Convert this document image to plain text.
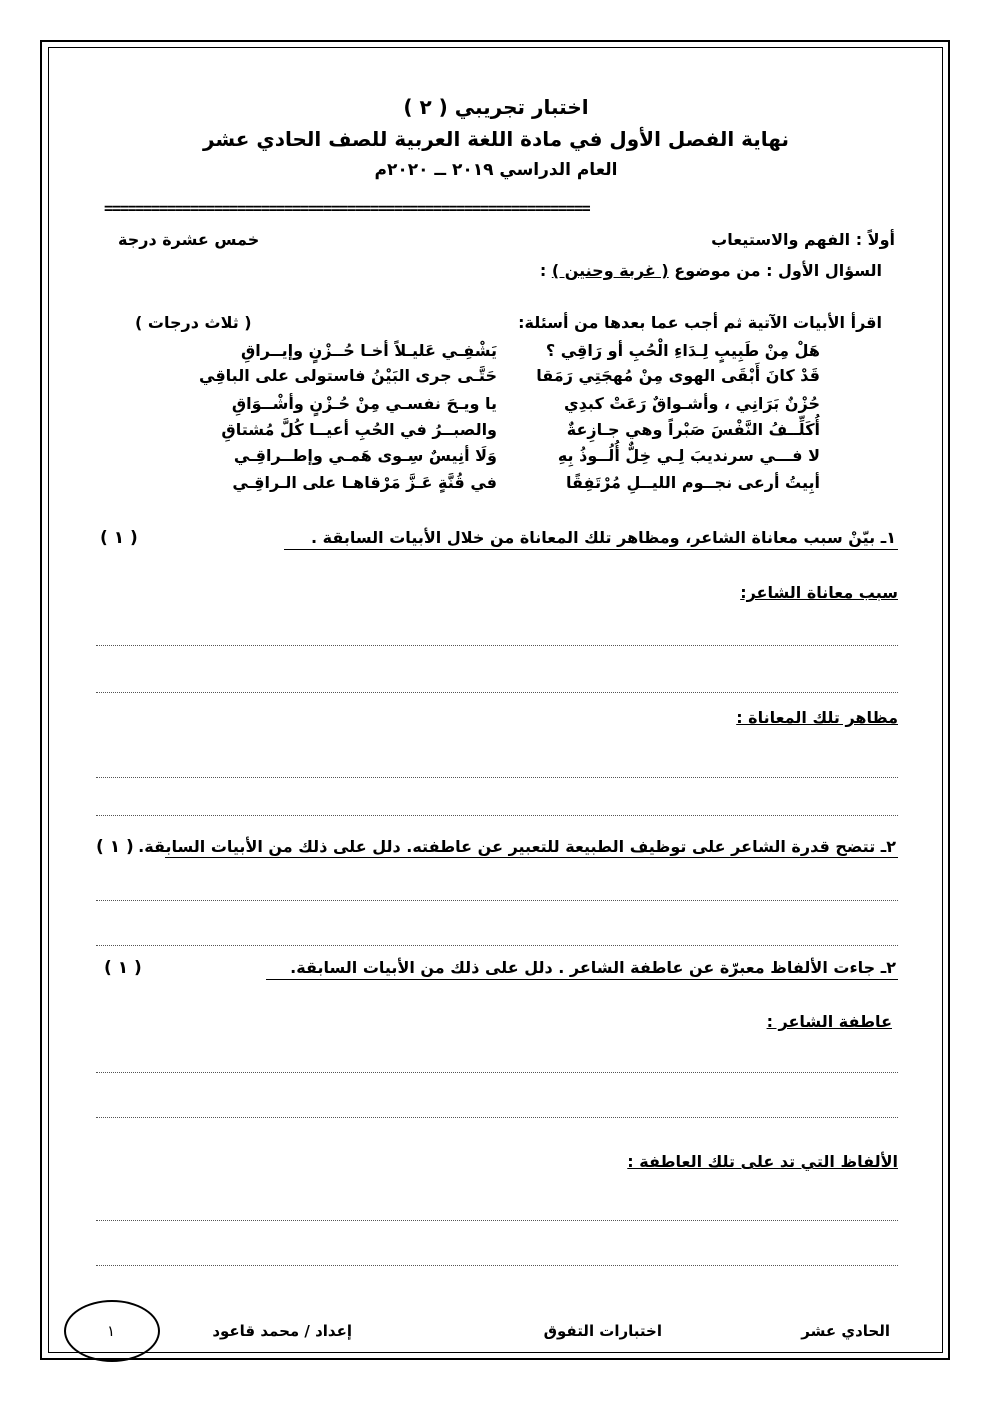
اختبار تجريبي ( ٢ )
نهاية الفصل الأول في مادة اللغة العربية للصف الحادي عشر
العام الدراسي ٢٠١٩ ــ ٢٠٢٠م
==============================================================
أولاً : الفهم والاستيعاب
خمس عشرة درجة
السؤال الأول : من موضوع ( غربة وحنين ) :
اقرأ الأبيات الآتية ثم أجب عما بعدها من أسئلة:
( ثلاث درجات )
هَلْ مِنْ طَبِيبٍ لِـدَاءِ الْحُبِ أو رَاقِي ؟
قَدْ كانَ أَبْقَى الهوى مِنْ مُهجَتِي رَمَقا
حُزْنٌ بَرَانِي ، وأشـواقٌ رَعَتْ كبدِي
أُكَلِّــفُ النَّفْسَ صَبْراً وهي جـازِعةٌ
لا فـــي سرنديبَ لِـي خِلٌّ أُلُــوذُ بِهِ
أبِيتُ أرعى نجــوم الليــلِ مُرْتَفِقًا
يَشْفِـي عَليـلاً أخـا حُــزْنٍ وإيــراقِ
حَتَّـى جرى البَيْنُ فاستولى على الباقِي
يا ويـحَ نفسـي مِنْ حُـزْنٍ وأشْــوَاقِ
والصبــرُ في الحُبِ أعيــا كُلَّ مُشتاقِ
وَلَا أنِيسٌ سِـوى هَمـي وإطــراقِـي
في قُنَّةٍ عَـزَّ مَرْقاهـا على الـراقِـي
١ـ بيّنْ سبب معاناة الشاعر، ومظاهر تلك المعاناة من خلال الأبيات السابقة .
( ١ )
سبب معاناة الشاعر:
مظاهر تلك المعاناة :
٢ـ تتضح قدرة الشاعر على توظيف الطبيعة للتعبير عن عاطفته. دلل على ذلك من الأبيات السابقة.
( ١ )
٢ـ جاءت الألفاظ معبرّة عن عاطفة الشاعر . دلل على ذلك من الأبيات السابقة.
( ١ )
عاطفة الشاعر :
الألفاظ التي تد على تلك العاطفة :
الحادي عشر
اختبارات التفوق
إعداد / محمد قاعود
١
